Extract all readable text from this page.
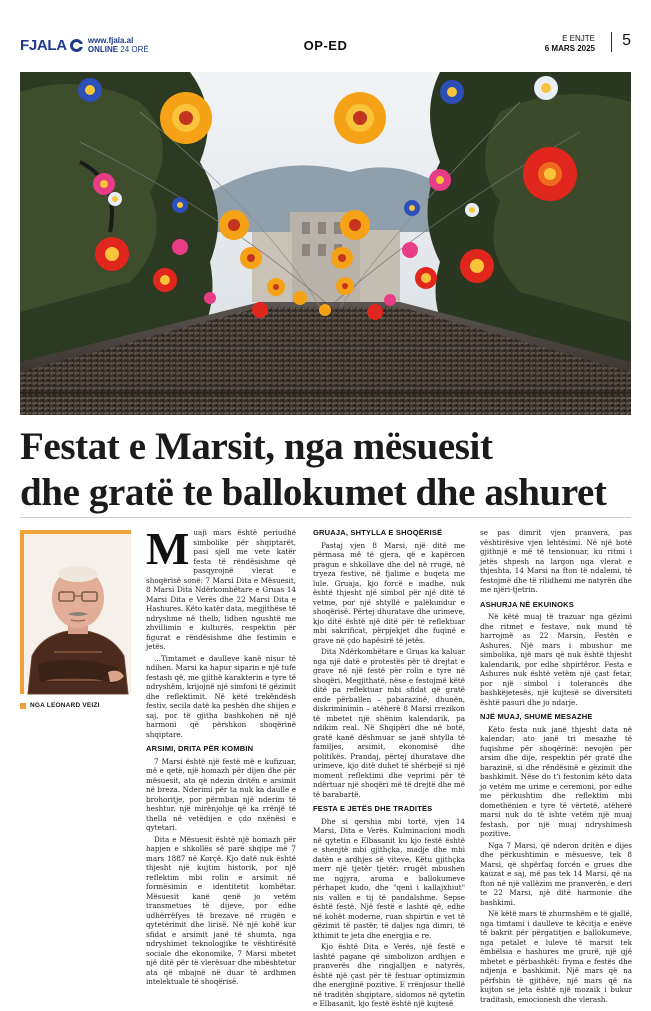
FJALA	www.fjala.al
ONLINE 24 ORË	OP-ED	E ENJTE
6 MARS 2025	5
Festat e Marsit, nga mësuesit
dhe gratë te ballokumet dhe ashuret
NGA LEONARD VEIZI

Muaji mars është periudhë simbolike për shqiptarët, pasi sjell me vete katër festa të rëndësishme që pasqyrojnë vlerat e shoqërisë sonë: 7 Marsi Dita e Mësuesit, 8 Marsi Dita Ndërkombëtare e Gruas 14 Marsi Dita e Verës dhe 22 Marsi Dita e Hashures. Këto katër data, megjithëse të ndryshme në thelb, lidhen ngushtë me zhvillimin e kulturës, respektin për figurat e rëndësishme dhe festimin e jetës.

...Timtamet e daulleve kanë nisur të ndihen. Marsi ka hapur siparin e një tufe festash që, me gjithë karakterin e tyre të ndryshëm, krijojnë një simfoni të gëzimit dhe reflektimit. Në këtë trekëndësh festiv, secila datë ka peshën dhe shijen e saj, por të gjitha bashkohen në një harmoni që përshkon shoqërinë shqiptare.

ARSIMI, DRITA PËR KOMBIN

7 Marsi është një festë më e kufizuar, më e qetë, një homazh për dijen dhe për mësuesit, ata që ndezin dritën e arsimit në breza. Nderimi për ta nuk ka daulle e brohoritje, por përmban një nderim të heshtur, një mirënjohje që ka rrënjë të thella në vetëdijen e çdo nxënësi e qytetari.

Dita e Mësuesit është një homazh për hapjen e shkollës së parë shqipe më 7 mars 1887 në Korçë. Kjo datë nuk është thjesht një kujtim historik, por një reflektim mbi rolin e arsimit në formësimin e identitetit kombëtar. Mësuesit kanë qenë jo vetëm transmetues të dijeve, por edhe udhërrëfyes të brezave në rrugën e qytetërimit dhe lirisë. Në një kohë kur sfidat e arsimit janë të shumta, nga ndryshimet teknologjike te vështirësitë sociale dhe ekonomike, 7 Marsi mbetet një ditë për të vlerësuar dhe mbështetur ata që mbajnë në duar të ardhmen intelektuale të shoqërisë.

GRUAJA, SHTYLLA E SHOQËRISË

Pastaj vjen 8 Marsi, një ditë me përmasa më të gjera, që e kapërcen pragun e shkollave dhe del në rrugë, në tryeza festive, në fjalime e buqeta me lule. Gruaja, kjo forcë e madhe, nuk është thjesht një simbol për një ditë të vetme, por një shtyllë e palëkundur e shoqërisë. Përtej dhuratave dhe urimeve, kjo ditë është një ditë për të reflektuar mbi sakrificat, përpjekjet dhe fuqinë e grave në çdo hapësirë të jetës.

Dita Ndërkombëtare e Gruas ka kaluar nga një datë e protestës për të drejtat e grave në një festë për rolin e tyre në shoqëri. Megjithatë, nëse e festojmë këtë ditë pa reflektuar mbi sfidat që gratë ende përballen – pabarazinë, dhunën, diskriminimin – atëherë 8 Marsi rrezikon të mbetet një shënim kalendarik, pa ndikim real. Në Shqipëri dhe në botë, gratë kanë dëshmuar se janë shtylla të familjes, arsimit, ekonomisë dhe politikës. Prandaj, përtej dhuratave dhe urimeve, kjo ditë duhet të shërbejë si një moment reflektimi dhe veprimi për të ndërtuar një shoqëri më të drejtë dhe më të barabartë.

FESTA E JETËS DHE TRADITËS

Dhe si qershia mbi tortë, vjen 14 Marsi, Dita e Verës. Kulminacioni modh në qytetin e Elbasanit ku kjo festë është e shenjtë mbi gjithçka, madje dhe mbi datën e ardhjes së viteve. Këtu gjithçka merr një tjetër tjetër: rrugët mbushen me ngjyra, aroma e ballokumeve përhapet kudo, dhe "qeni i kallajxhiut" nis vallen e tij të pandalshme. Sepse është festë. Një festë e lashtë që, edhe në kohët moderne, ruan shpirtin e vet të gëzimit të pastër, të daljes nga dimri, të kthimit te jeta dhe energjia e re.

Kjo është Dita e Verës, një festë e lashtë pagane që simbolizon ardhjen e pranverës dhe ringjalljen e natyrës, është një çast për të festuar optimizmin dhe energjinë pozitive. E rrënjosur thellë në traditën shqiptare, sidomos në qytetin e Elbasanit, kjo festë është një kujtesë

se pas dimrit vjen pranvera, pas vështirësive vjen lehtësimi. Në një botë gjithnjë e më të tensionuar, ku ritmi i jetës shpesh na largon nga vlerat e thjeshta, 14 Marsi na fton të ndalemi, të festojmë dhe të rilidhemi me natyrën dhe me njëri-tjetrin.

ASHURJA NË EKUINOKS

Në këtë muaj të trazuar nga gëzimi dhe ritmet e festave, nuk mund të harrojmë as 22 Marsin, Festën e Ashures. Një mars i mbushur me simbolika, një mars që nuk është thjesht kalendarik, por edhe shpirtëror. Festa e Ashures nuk është vetëm një çast fetar, por një simbol i tolerancës dhe bashkëjetesës, një kujtesë se diversiteti është pasuri dhe jo ndarje.

NJË MUAJ, SHUMË MESAZHE

Këto festa nuk janë thjesht data në kalendar; ato janë tri mesazhe të fuqishme për shoqërinë: nevojën për arsim dhe dije, respektin për gratë dhe barazinë, si dhe rëndësinë e gëzimit dhe bashkimit. Nëse do t'i festonim këto data jo vetëm me urime e ceremoni, por edhe me përkushtim dhe reflektim mbi domethënien e tyre të vërtetë, atëherë marsi nuk do të ishte vetëm një muaj festash, por një muaj ndryshimesh pozitive.

Nga 7 Marsi, që nderon dritën e dijes dhe përkushtimin e mësuesve, tek 8 Marsi, që shpërfaq forcën e grues dhe kauzat e saj, më pas tek 14 Marsi, që na fton në një vallëzim me pranverën, e deri te 22 Marsi, një ditë harmonie dhe bashkimi.

Në këtë mars të zhurmshëm e të gjallë, nga timtami i daulleve te këcitja e enëve të bakrit për përgatitjen e ballokumeve, nga petalet e luleve të marsit tek ëmbëlsia e hashures me grurë, një gjë mbetet e përbashkët: fryma e festës dhe ndjenja e bashkimit. Një mars që na përfshin të gjithëve, një mars që na kujton se jeta është një mozaik i bukur traditash, emocionesh dhe vlerash.
